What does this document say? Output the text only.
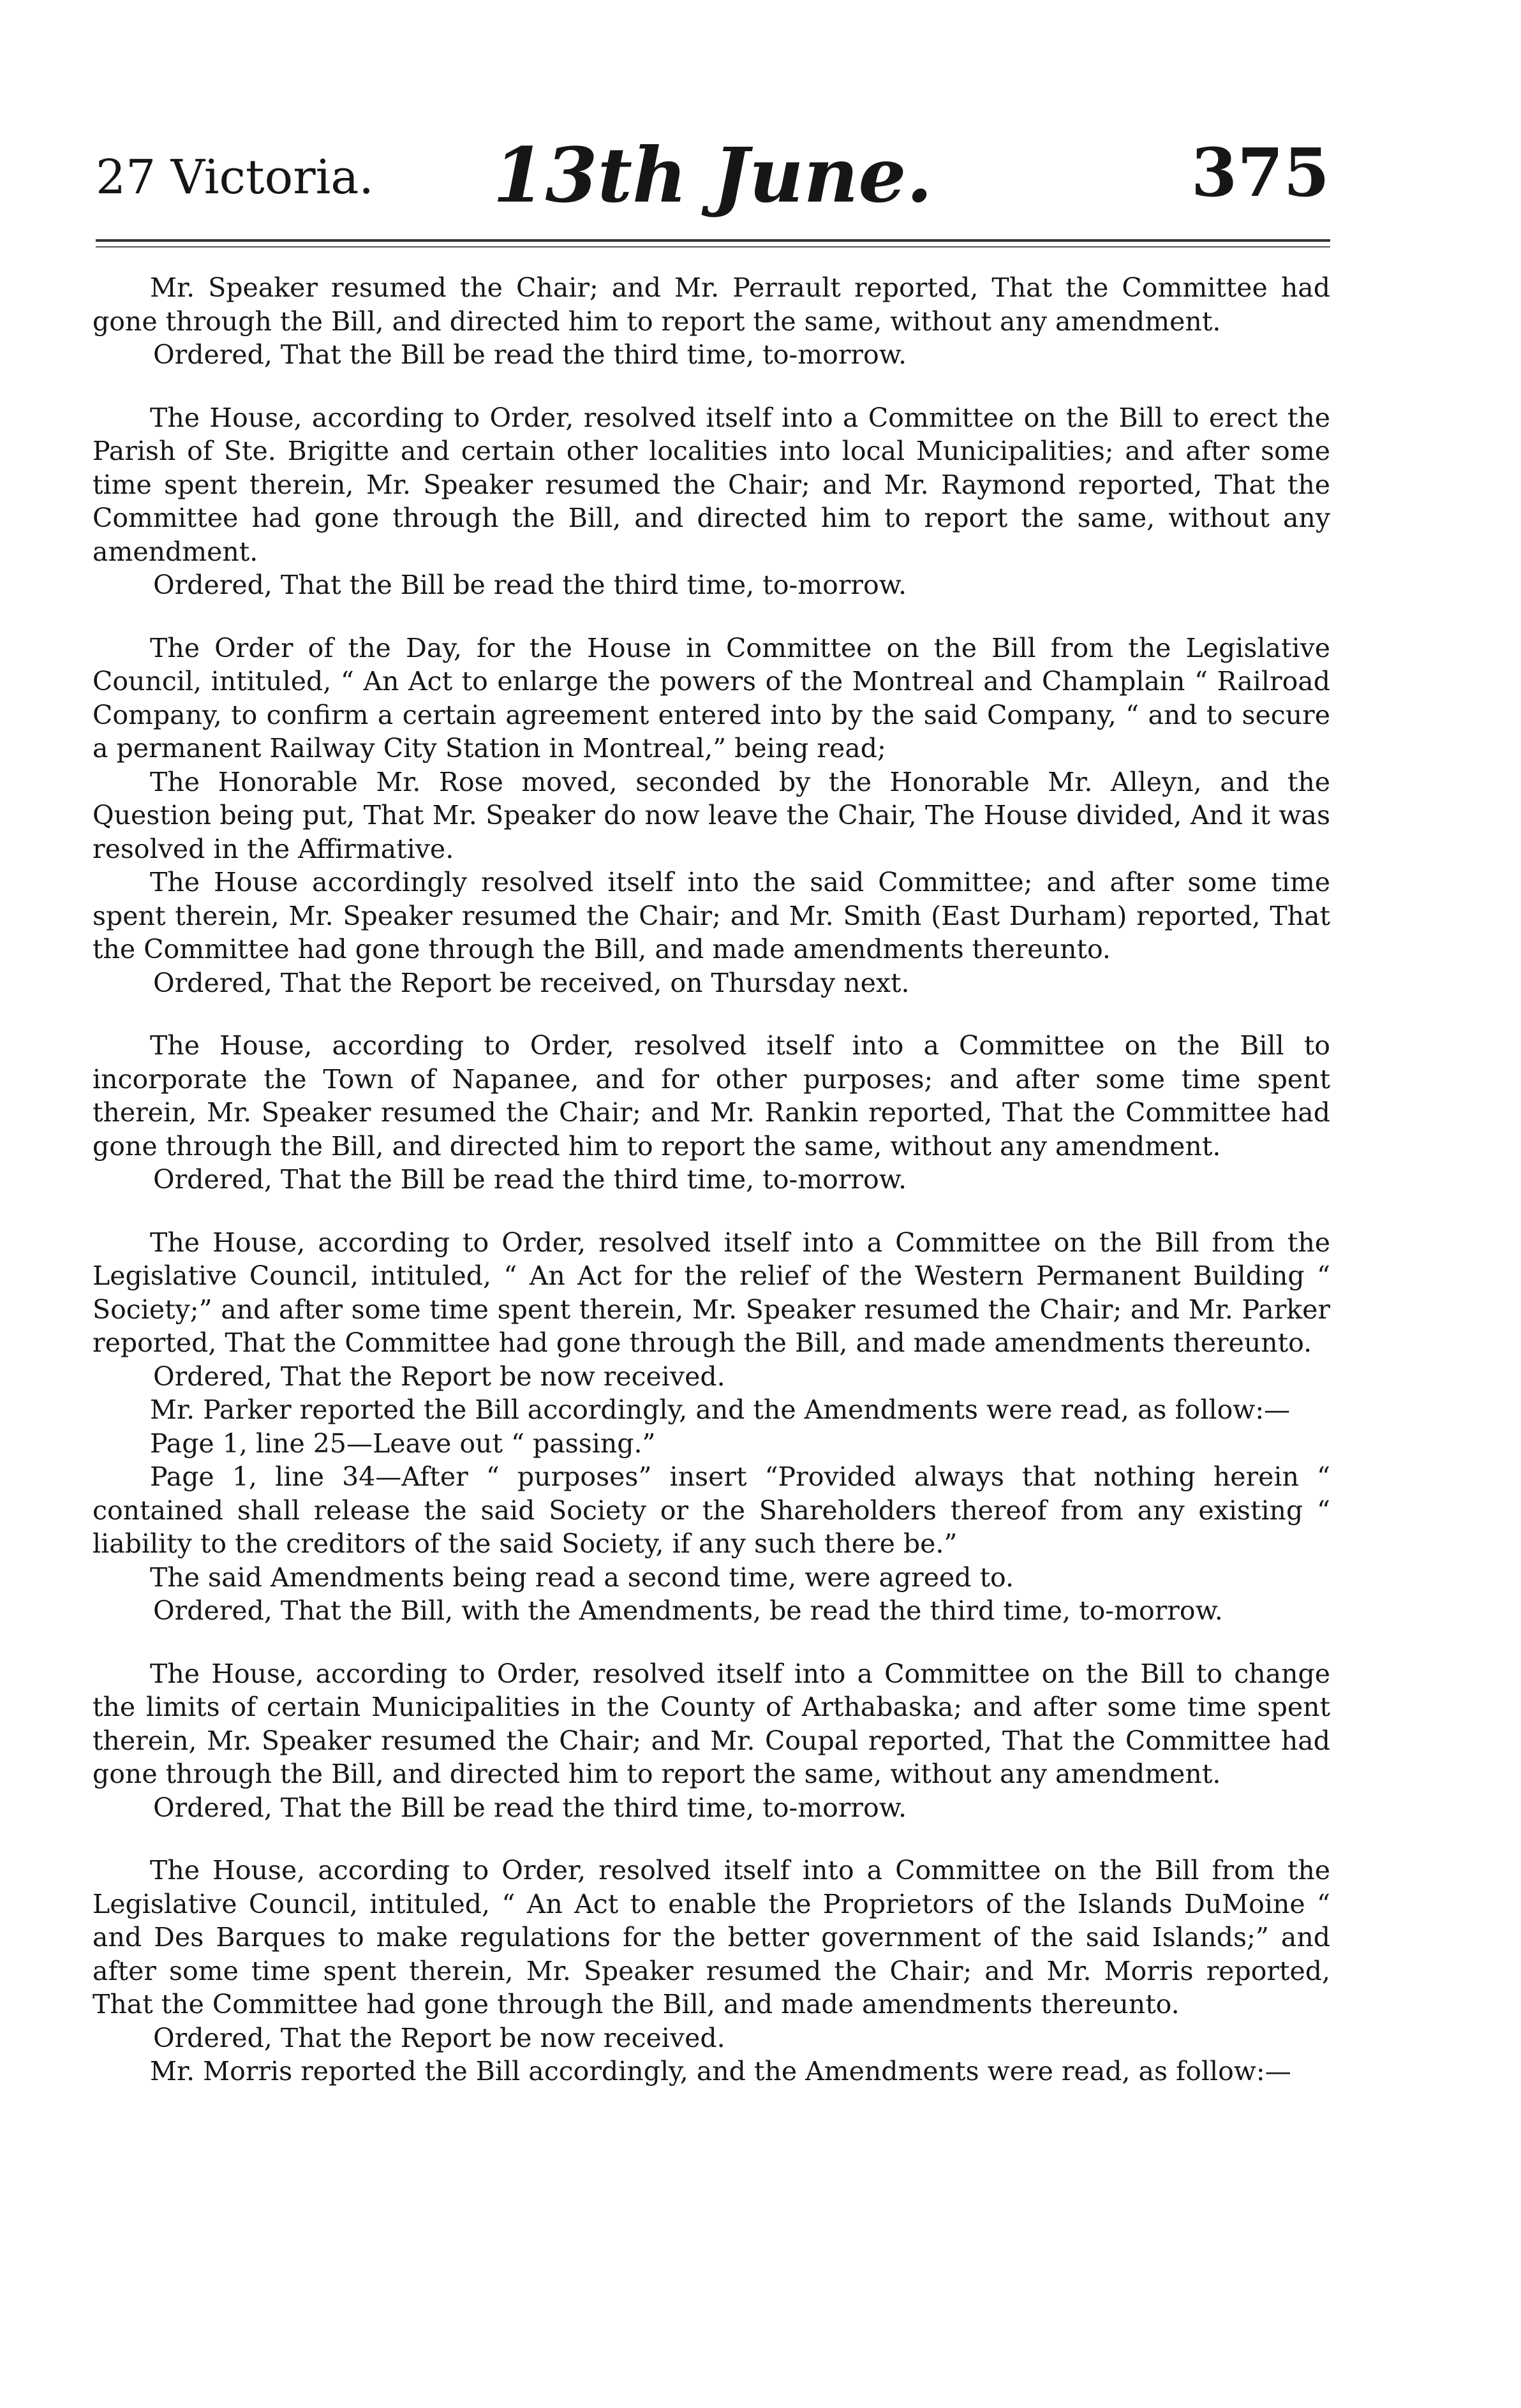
27 Victoria.	13th June.	375

Mr. Speaker resumed the Chair; and Mr. Perrault reported, That the Committee had gone through the Bill, and directed him to report the same, without any amendment.

Ordered, That the Bill be read the third time, to-morrow.

The House, according to Order, resolved itself into a Committee on the Bill to erect the Parish of Ste. Brigitte and certain other localities into local Municipalities; and after some time spent therein, Mr. Speaker resumed the Chair; and Mr. Raymond reported, That the Committee had gone through the Bill, and directed him to report the same, without any amendment.

Ordered, That the Bill be read the third time, to-morrow.

The Order of the Day, for the House in Committee on the Bill from the Legislative Council, intituled, “ An Act to enlarge the powers of the Montreal and Champlain “ Railroad Company, to confirm a certain agreement entered into by the said Company, “ and to secure a permanent Railway City Station in Montreal,” being read;

The Honorable Mr. Rose moved, seconded by the Honorable Mr. Alleyn, and the Question being put, That Mr. Speaker do now leave the Chair, The House divided, And it was resolved in the Affirmative.

The House accordingly resolved itself into the said Committee; and after some time spent therein, Mr. Speaker resumed the Chair; and Mr. Smith (East Durham) reported, That the Committee had gone through the Bill, and made amendments thereunto.

Ordered, That the Report be received, on Thursday next.

The House, according to Order, resolved itself into a Committee on the Bill to incorporate the Town of Napanee, and for other purposes; and after some time spent therein, Mr. Speaker resumed the Chair; and Mr. Rankin reported, That the Committee had gone through the Bill, and directed him to report the same, without any amendment.

Ordered, That the Bill be read the third time, to-morrow.

The House, according to Order, resolved itself into a Committee on the Bill from the Legislative Council, intituled, “ An Act for the relief of the Western Permanent Building “ Society;” and after some time spent therein, Mr. Speaker resumed the Chair; and Mr. Parker reported, That the Committee had gone through the Bill, and made amendments thereunto.

Ordered, That the Report be now received.

Mr. Parker reported the Bill accordingly, and the Amendments were read, as follow:—

Page 1, line 25—Leave out “ passing.”

Page 1, line 34—After “ purposes” insert “Provided always that nothing herein “ contained shall release the said Society or the Shareholders thereof from any existing “ liability to the creditors of the said Society, if any such there be.”

The said Amendments being read a second time, were agreed to.

Ordered, That the Bill, with the Amendments, be read the third time, to-morrow.

The House, according to Order, resolved itself into a Committee on the Bill to change the limits of certain Municipalities in the County of Arthabaska; and after some time spent therein, Mr. Speaker resumed the Chair; and Mr. Coupal reported, That the Committee had gone through the Bill, and directed him to report the same, without any amendment.

Ordered, That the Bill be read the third time, to-morrow.

The House, according to Order, resolved itself into a Committee on the Bill from the Legislative Council, intituled, “ An Act to enable the Proprietors of the Islands DuMoine “ and Des Barques to make regulations for the better government of the said Islands;” and after some time spent therein, Mr. Speaker resumed the Chair; and Mr. Morris reported, That the Committee had gone through the Bill, and made amendments thereunto.

Ordered, That the Report be now received.

Mr. Morris reported the Bill accordingly, and the Amendments were read, as follow:—
